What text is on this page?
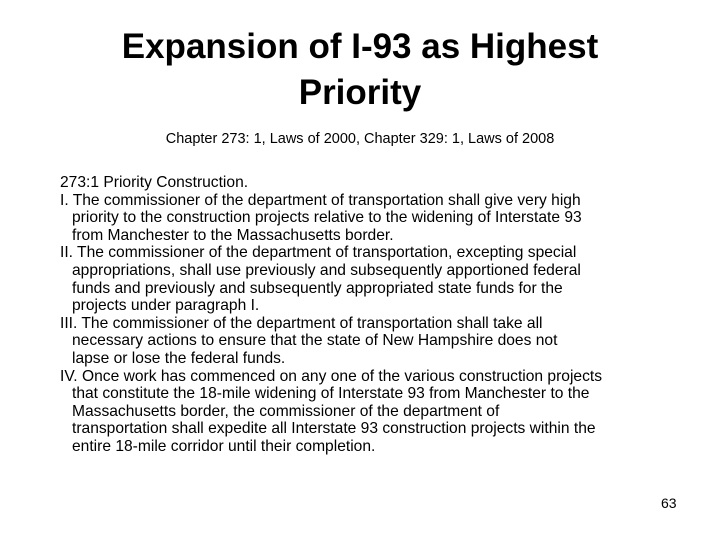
Expansion of I-93 as Highest
Priority
Chapter 273: 1, Laws of 2000, Chapter 329: 1, Laws of 2008
273:1 Priority Construction.
I. The commissioner of the department of transportation shall give very high
priority to the construction projects relative to the widening of Interstate 93
from Manchester to the Massachusetts border.
II. The commissioner of the department of transportation, excepting special
appropriations, shall use previously and subsequently apportioned federal
funds and previously and subsequently appropriated state funds for the
projects under paragraph I.
III. The commissioner of the department of transportation shall take all
necessary actions to ensure that the state of New Hampshire does not
lapse or lose the federal funds.
IV. Once work has commenced on any one of the various construction projects
that constitute the 18-mile widening of Interstate 93 from Manchester to the
Massachusetts border, the commissioner of the department of
transportation shall expedite all Interstate 93 construction projects within the
entire 18-mile corridor until their completion.
63
